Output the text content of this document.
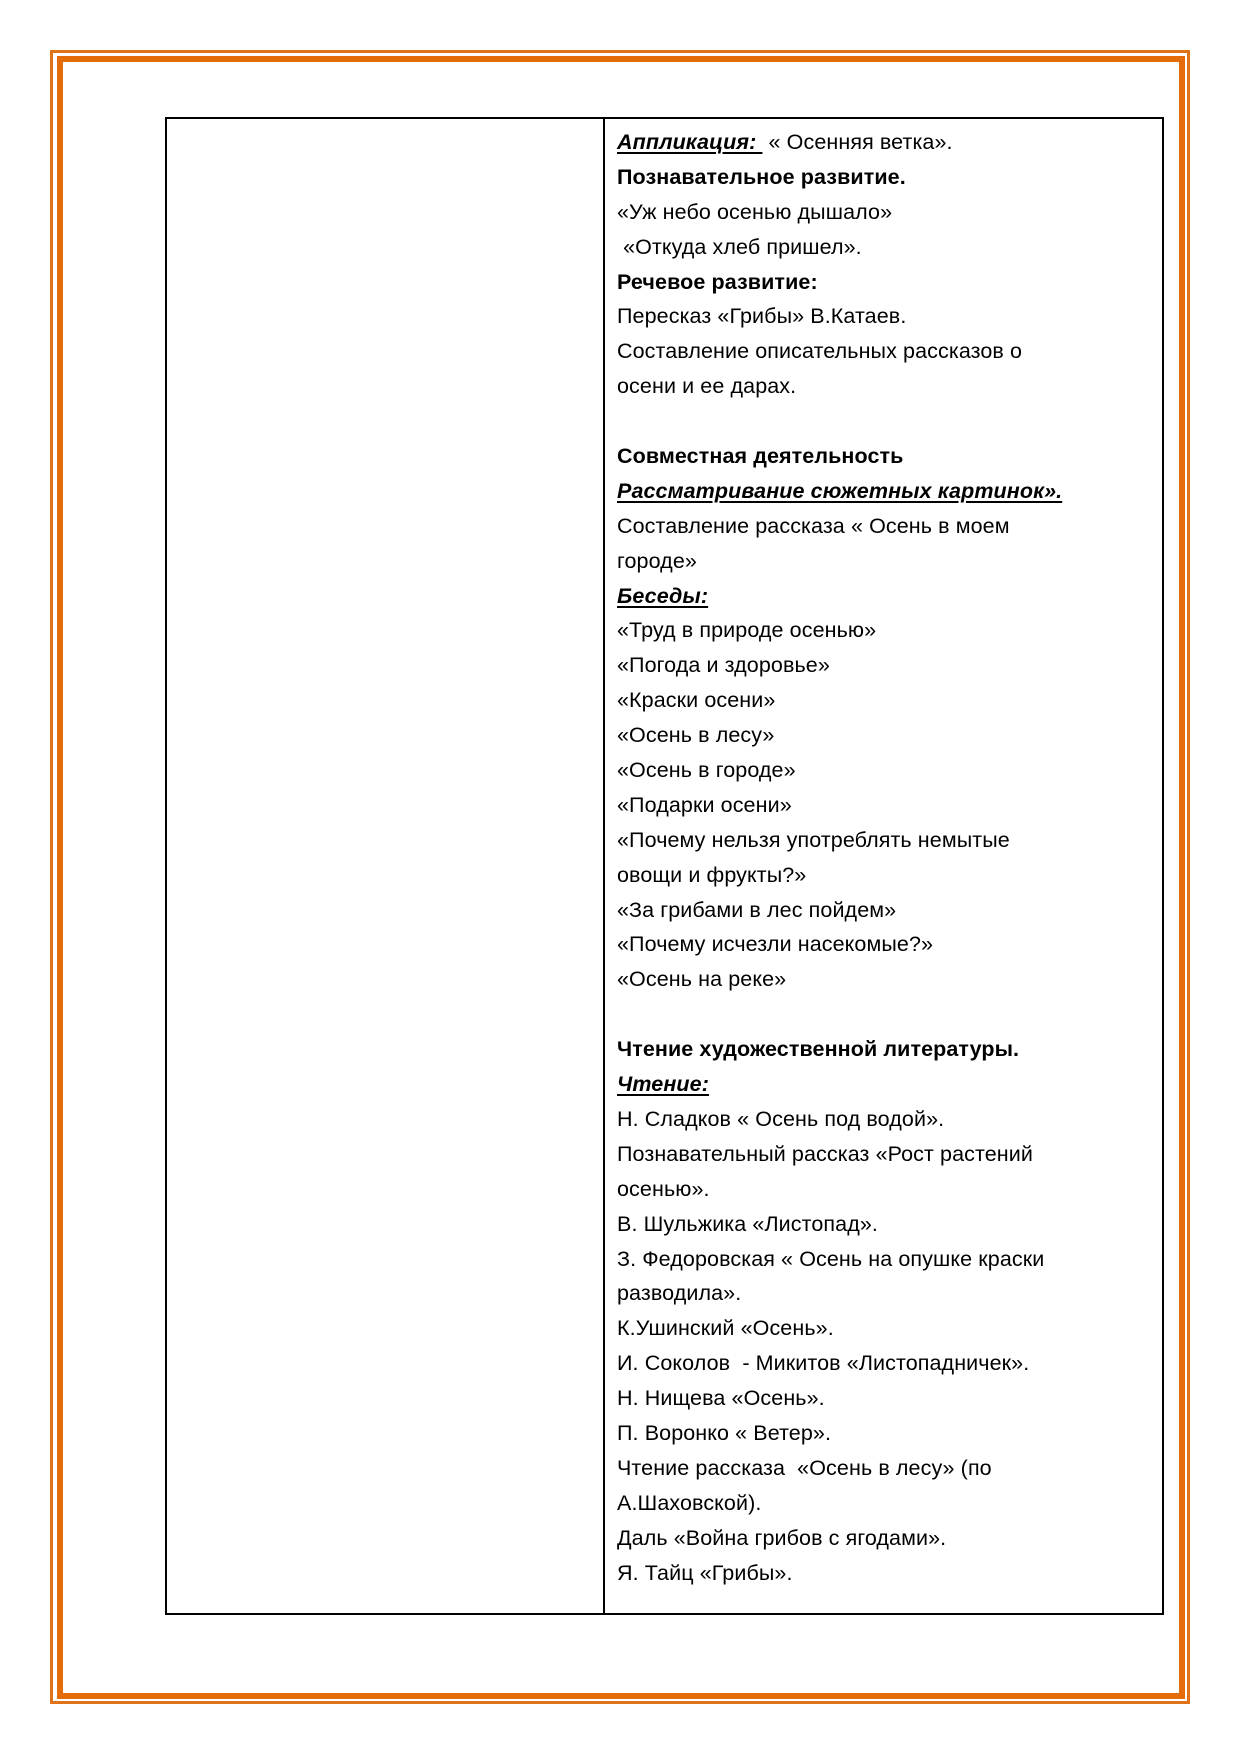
Аппликация:  « Осенняя ветка».
Познавательное развитие.
«Уж небо осенью дышало»
«Откуда хлеб пришел».
Речевое развитие:
Пересказ «Грибы» В.Катаев.
Составление описательных рассказов о
осени и ее дарах.
Совместная деятельность
Рассматривание сюжетных картинок».
Составление рассказа « Осень в моем
городе»
Беседы:
«Труд в природе осенью»
«Погода и здоровье»
«Краски осени»
«Осень в лесу»
«Осень в городе»
«Подарки осени»
«Почему нельзя употреблять немытые
овощи и фрукты?»
«За грибами в лес пойдем»
«Почему исчезли насекомые?»
«Осень на реке»
Чтение художественной литературы.
Чтение:
Н. Сладков « Осень под водой».
Познавательный рассказ «Рост растений
осенью».
В. Шульжика «Листопад».
З. Федоровская « Осень на опушке краски
разводила».
К.Ушинский «Осень».
И. Соколов  - Микитов «Листопадничек».
Н. Нищева «Осень».
П. Воронко « Ветер».
Чтение рассказа  «Осень в лесу» (по
А.Шаховской).
Даль «Война грибов с ягодами».
Я. Тайц «Грибы».
